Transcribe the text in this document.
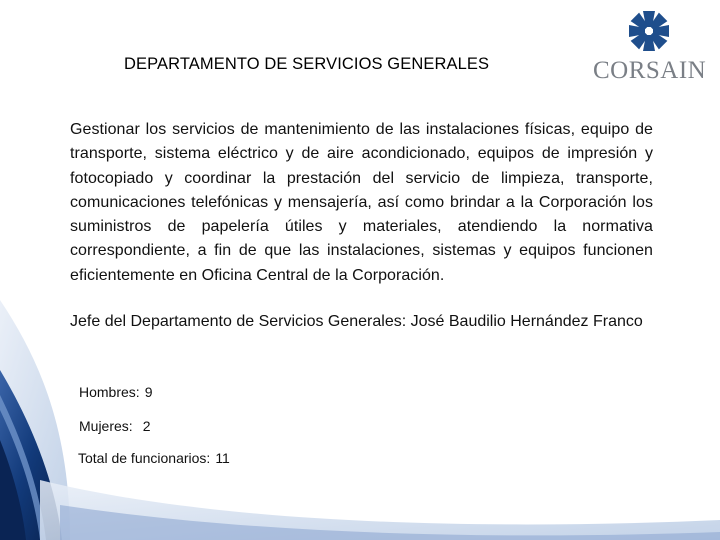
DEPARTAMENTO DE SERVICIOS GENERALES	CORSAIN

Gestionar los servicios de mantenimiento de las instalaciones físicas, equipo de transporte, sistema eléctrico y de aire acondicionado, equipos de impresión y fotocopiado y coordinar la prestación del servicio de limpieza, transporte, comunicaciones telefónicas y mensajería, así como brindar a la Corporación los suministros de papelería útiles y materiales, atendiendo la normativa correspondiente, a fin de que las instalaciones, sistemas y equipos funcionen eficientemente en Oficina Central de la Corporación.

Jefe del Departamento de Servicios Generales: José Baudilio Hernández Franco

Hombres: 9
Mujeres: 2
Total de funcionarios: 11
